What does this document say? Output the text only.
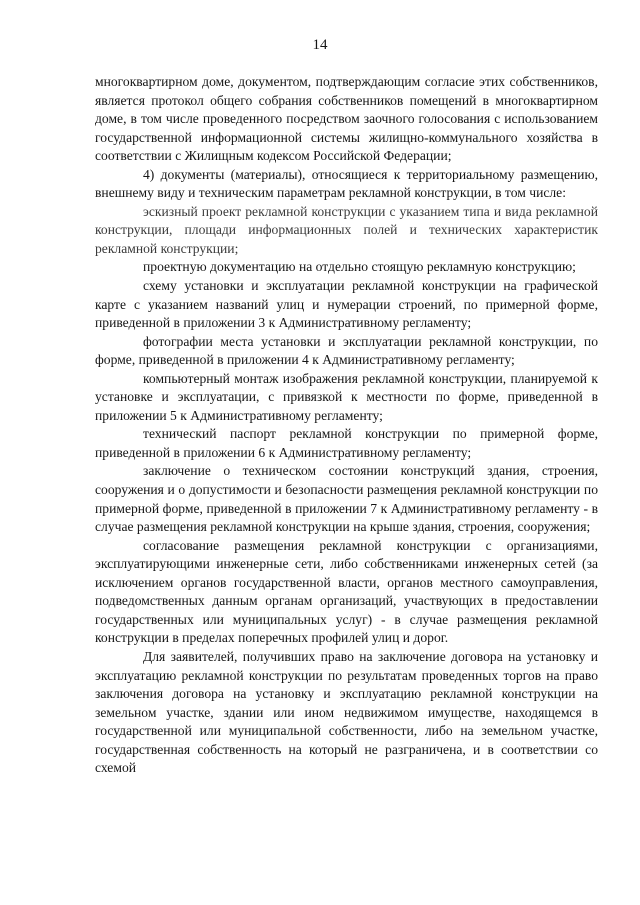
14

многоквартирном доме, документом, подтверждающим согласие этих собственников, является протокол общего собрания собственников помещений в многоквартирном доме, в том числе проведенного посредством заочного голосования с использованием государственной информационной системы жилищно-коммунального хозяйства в соответствии с Жилищным кодексом Российской Федерации;

4) документы (материалы), относящиеся к территориальному размещению, внешнему виду и техническим параметрам рекламной конструкции, в том числе:

эскизный проект рекламной конструкции с указанием типа и вида рекламной конструкции, площади информационных полей и технических характеристик рекламной конструкции;

проектную документацию на отдельно стоящую рекламную конструкцию;

схему установки и эксплуатации рекламной конструкции на графической карте с указанием названий улиц и нумерации строений, по примерной форме, приведенной в приложении 3 к Административному регламенту;

фотографии места установки и эксплуатации рекламной конструкции, по форме, приведенной в приложении 4 к Административному регламенту;

компьютерный монтаж изображения рекламной конструкции, планируемой к установке и эксплуатации, с привязкой к местности по форме, приведенной в приложении 5 к Административному регламенту;

технический паспорт рекламной конструкции по примерной форме, приведенной в приложении 6 к Административному регламенту;

заключение о техническом состоянии конструкций здания, строения, сооружения и о допустимости и безопасности размещения рекламной конструкции по примерной форме, приведенной в приложении 7 к Административному регламенту - в случае размещения рекламной конструкции на крыше здания, строения, сооружения;

согласование размещения рекламной конструкции с организациями, эксплуатирующими инженерные сети, либо собственниками инженерных сетей (за исключением органов государственной власти, органов местного самоуправления, подведомственных данным органам организаций, участвующих в предоставлении государственных или муниципальных услуг) - в случае размещения рекламной конструкции в пределах поперечных профилей улиц и дорог.

Для заявителей, получивших право на заключение договора на установку и эксплуатацию рекламной конструкции по результатам проведенных торгов на право заключения договора на установку и эксплуатацию рекламной конструкции на земельном участке, здании или ином недвижимом имуществе, находящемся в государственной или муниципальной собственности, либо на земельном участке, государственная собственность на который не разграничена, и в соответствии со схемой
